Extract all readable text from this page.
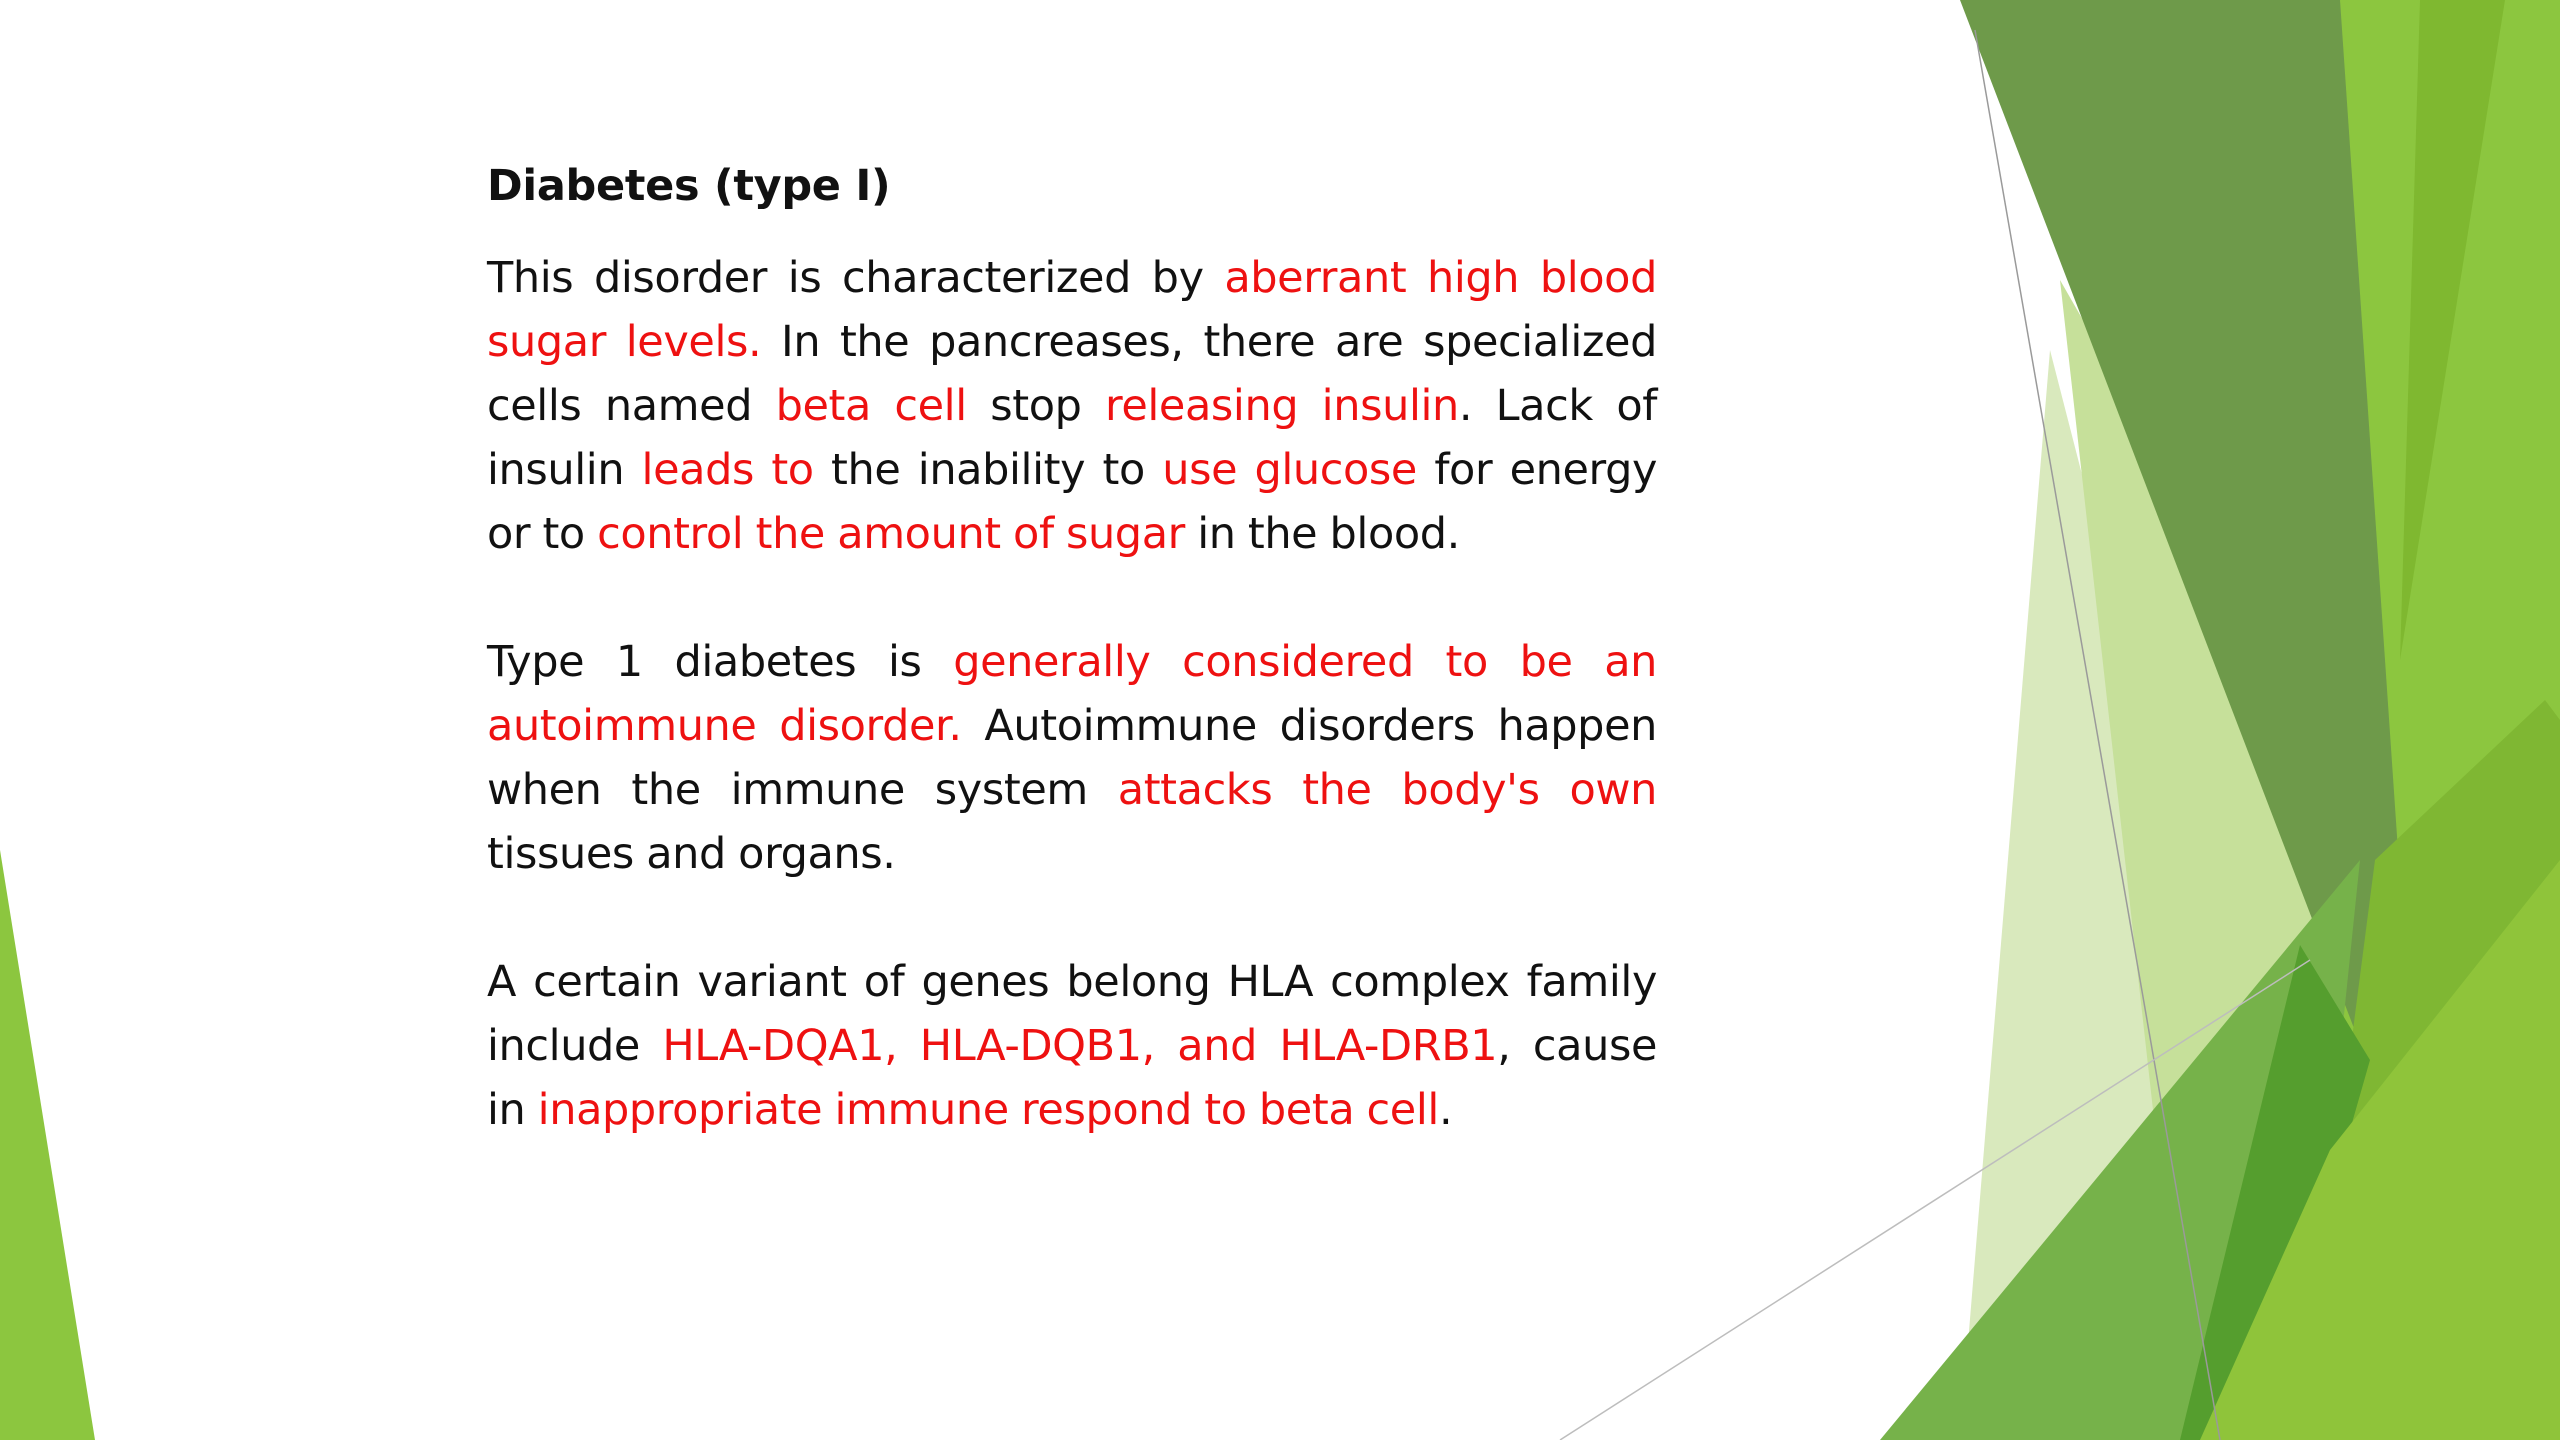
Diabetes (type I)

This disorder is characterized by aberrant high blood sugar levels. In the pancreases, there are specialized cells named beta cell stop releasing insulin. Lack of insulin leads to the inability to use glucose for energy or to control the amount of sugar in the blood.

Type 1 diabetes is generally considered to be an autoimmune disorder. Autoimmune disorders happen when the immune system attacks the body's own tissues and organs.

A certain variant of genes belong HLA complex family include HLA-DQA1, HLA-DQB1, and HLA-DRB1, cause in inappropriate immune respond to beta cell.
